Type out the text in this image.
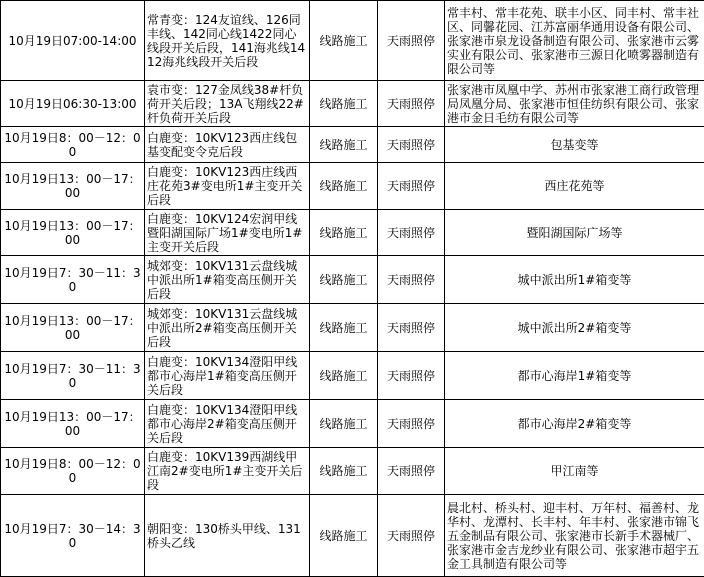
10月19日07:00-14:00	常青变：124友谊线、126同丰线、142同心线1422同心线段开关后段，141海兆线1412海兆线段开关后段	线路施工	天雨照停	常丰村、常丰花苑、联丰小区、同丰村、常丰社区、同馨花园、江苏富丽华通用设备有限公司、张家港市泉龙设备制造有限公司、张家港市云雾实业有限公司、张家港市三源日化喷雾器制造有限公司等
10月19日06:30-13:00	袁市变：127金凤线38#杆负荷开关后段；13A飞翔线22#杆负荷开关后段	线路施工	天雨照停	张家港市凤凰中学、苏州市张家港工商行政管理局凤凰分局、张家港市恒佳纺织有限公司、张家港市金日毛纺有限公司等
10月19日8：00－12：00	白鹿变：10KV123西庄线包基变配变令克后段	线路施工	天雨照停	包基变等
10月19日13：00－17：00	白鹿变：10KV123西庄线西庄花苑3#变电所1#主变开关后段	线路施工	天雨照停	西庄花苑等
10月19日13：00－17：00	白鹿变：10KV124宏润甲线暨阳湖国际广场1#变电所1#主变开关后段	线路施工	天雨照停	暨阳湖国际广场等
10月19日7：30－11：30	城郊变：10KV131云盘线城中派出所1#箱变高压侧开关后段	线路施工	天雨照停	城中派出所1#箱变等
10月19日13：00－17：00	城郊变：10KV131云盘线城中派出所2#箱变高压侧开关后段	线路施工	天雨照停	城中派出所2#箱变等
10月19日7：30－11：30	白鹿变：10KV134澄阳甲线都市心海岸1#箱变高压侧开关后段	线路施工	天雨照停	都市心海岸1#箱变等
10月19日13：00－17：00	白鹿变：10KV134澄阳甲线都市心海岸2#箱变高压侧开关后段	线路施工	天雨照停	都市心海岸2#箱变等
10月19日8：00－12：00	白鹿变：10KV139西湖线甲江南2#变电所1#主变开关后段	线路施工	天雨照停	甲江南等
10月19日7：30－14：30	朝阳变：130桥头甲线、131桥头乙线	线路施工	天雨照停	晨北村、桥头村、迎丰村、万年村、福善村、龙华村、龙潭村、长丰村、年丰村、张家港市锦飞五金制品有限公司、张家港市长新手术器械厂、张家港市金吉龙纱业有限公司、张家港市超宇五金工具制造有限公司等
